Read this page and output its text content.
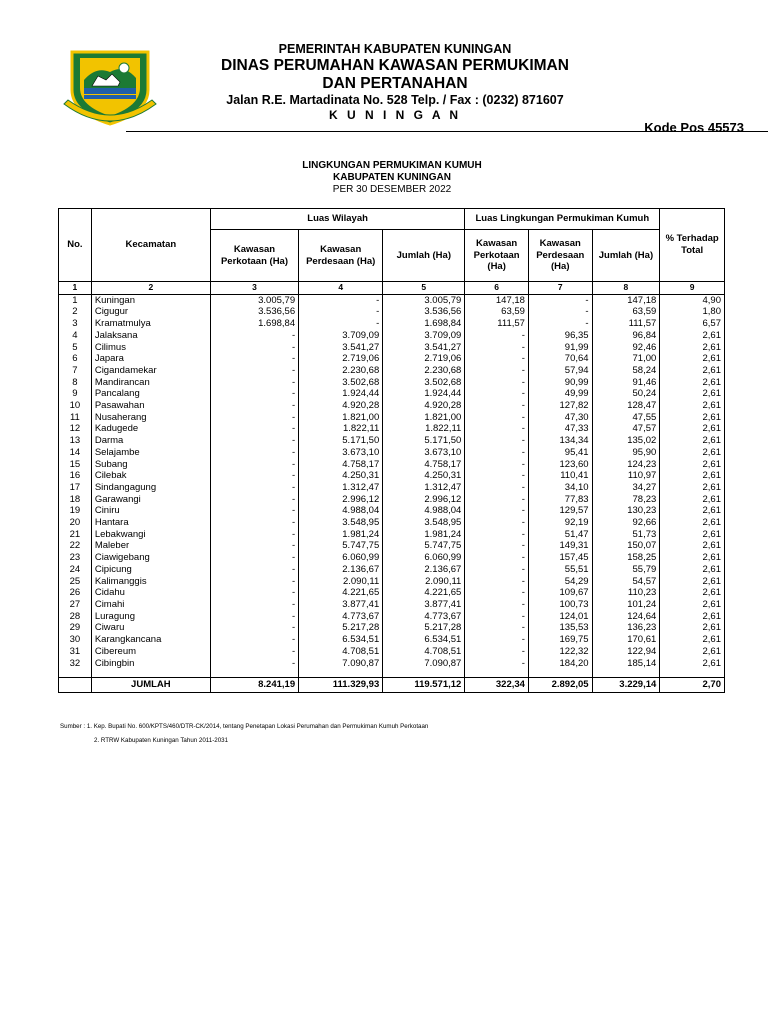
PEMERINTAH KABUPATEN KUNINGAN
DINAS PERUMAHAN KAWASAN PERMUKIMAN
DAN PERTANAHAN
Jalan R.E. Martadinata No. 528 Telp. / Fax : (0232) 871607
K U N I N G A N
Kode Pos 45573
LINGKUNGAN PERMUKIMAN KUMUH
KABUPATEN KUNINGAN
PER 30 DESEMBER 2022
No.	Kecamatan	Luas Wilayah			Luas Lingkungan Permukiman Kumuh			% Terhadap Total
		Kawasan Perkotaan (Ha)	Kawasan Perdesaan (Ha)	Jumlah (Ha)	Kawasan Perkotaan (Ha)	Kawasan Perdesaan (Ha)	Jumlah (Ha)	
1	2	3	4	5	6	7	8	9
1	Kuningan	3.005,79	-	3.005,79	147,18	-	147,18	4,90
2	Cigugur	3.536,56	-	3.536,56	63,59	-	63,59	1,80
3	Kramatmulya	1.698,84	-	1.698,84	111,57	-	111,57	6,57
4	Jalaksana	-	3.709,09	3.709,09	-	96,35	96,84	2,61
5	Cilimus	-	3.541,27	3.541,27	-	91,99	92,46	2,61
6	Japara	-	2.719,06	2.719,06	-	70,64	71,00	2,61
7	Cigandamekar	-	2.230,68	2.230,68	-	57,94	58,24	2,61
8	Mandirancan	-	3.502,68	3.502,68	-	90,99	91,46	2,61
9	Pancalang	-	1.924,44	1.924,44	-	49,99	50,24	2,61
10	Pasawahan	-	4.920,28	4.920,28	-	127,82	128,47	2,61
11	Nusaherang	-	1.821,00	1.821,00	-	47,30	47,55	2,61
12	Kadugede	-	1.822,11	1.822,11	-	47,33	47,57	2,61
13	Darma	-	5.171,50	5.171,50	-	134,34	135,02	2,61
14	Selajambe	-	3.673,10	3.673,10	-	95,41	95,90	2,61
15	Subang	-	4.758,17	4.758,17	-	123,60	124,23	2,61
16	Cilebak	-	4.250,31	4.250,31	-	110,41	110,97	2,61
17	Sindangagung	-	1.312,47	1.312,47	-	34,10	34,27	2,61
18	Garawangi	-	2.996,12	2.996,12	-	77,83	78,23	2,61
19	Ciniru	-	4.988,04	4.988,04	-	129,57	130,23	2,61
20	Hantara	-	3.548,95	3.548,95	-	92,19	92,66	2,61
21	Lebakwangi	-	1.981,24	1.981,24	-	51,47	51,73	2,61
22	Maleber	-	5.747,75	5.747,75	-	149,31	150,07	2,61
23	Ciawigebang	-	6.060,99	6.060,99	-	157,45	158,25	2,61
24	Cipicung	-	2.136,67	2.136,67	-	55,51	55,79	2,61
25	Kalimanggis	-	2.090,11	2.090,11	-	54,29	54,57	2,61
26	Cidahu	-	4.221,65	4.221,65	-	109,67	110,23	2,61
27	Cimahi	-	3.877,41	3.877,41	-	100,73	101,24	2,61
28	Luragung	-	4.773,67	4.773,67	-	124,01	124,64	2,61
29	Ciwaru	-	5.217,28	5.217,28	-	135,53	136,23	2,61
30	Karangkancana	-	6.534,51	6.534,51	-	169,75	170,61	2,61
31	Cibereum	-	4.708,51	4.708,51	-	122,32	122,94	2,61
32	Cibingbin	-	7.090,87	7.090,87	-	184,20	185,14	2,61

	JUMLAH	8.241,19	111.329,93	119.571,12	322,34	2.892,05	3.229,14	2,70
Sumber : 1. Kep. Bupati No. 600/KPTS/460/DTR-CK/2014, tentang Penetapan Lokasi Perumahan dan Permukiman Kumuh Perkotaan
2. RTRW Kabupaten Kuningan Tahun 2011-2031
